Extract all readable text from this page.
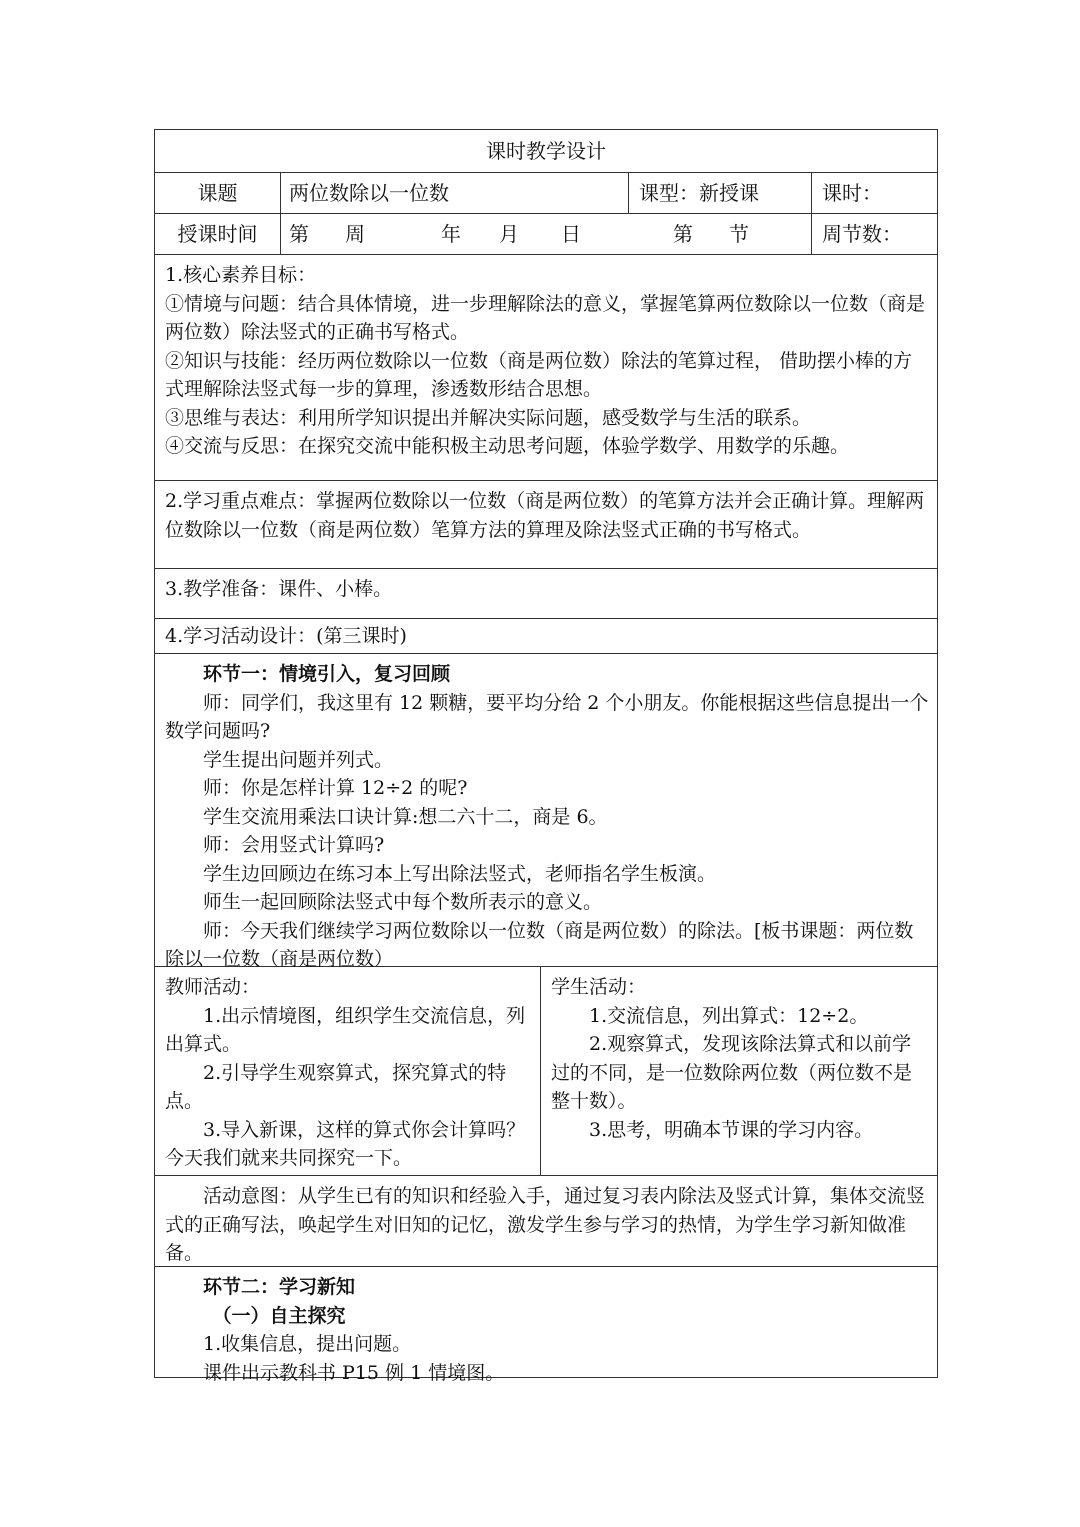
课时教学设计
课题	两位数除以一位数	课型：新授课	课时：
授课时间	第	周	年	月	日	第	节	周节数：

1.核心素养目标：

①情境与问题：结合具体情境，进一步理解除法的意义，掌握笔算两位数除以一位数（商是两位数）除法竖式的正确书写格式。

②知识与技能：经历两位数除以一位数（商是两位数）除法的笔算过程， 借助摆小棒的方式理解除法竖式每一步的算理，渗透数形结合思想。

③思维与表达：利用所学知识提出并解决实际问题，感受数学与生活的联系。

④交流与反思：在探究交流中能积极主动思考问题，体验学数学、用数学的乐趣。

2.学习重点难点：掌握两位数除以一位数（商是两位数）的笔算方法并会正确计算。理解两位数除以一位数（商是两位数）笔算方法的算理及除法竖式正确的书写格式。

3.教学准备：课件、小棒。

4.学习活动设计：(第三课时)

环节一：情境引入，复习回顾

师：同学们，我这里有 12 颗糖，要平均分给 2 个小朋友。你能根据这些信息提出一个数学问题吗?

学生提出问题并列式。

师：你是怎样计算 12÷2 的呢?

学生交流用乘法口诀计算:想二六十二，商是 6。

师：会用竖式计算吗?

学生边回顾边在练习本上写出除法竖式，老师指名学生板演。

师生一起回顾除法竖式中每个数所表示的意义。

师：今天我们继续学习两位数除以一位数（商是两位数）的除法。[板书课题：两位数除以一位数（商是两位数）

教师活动：

1.出示情境图，组织学生交流信息，列出算式。

2.引导学生观察算式，探究算式的特点。

3.导入新课，这样的算式你会计算吗？今天我们就来共同探究一下。

学生活动：

1.交流信息，列出算式：12÷2。

2.观察算式，发现该除法算式和以前学过的不同，是一位数除两位数（两位数不是整十数）。

3.思考，明确本节课的学习内容。

活动意图：从学生已有的知识和经验入手，通过复习表内除法及竖式计算，集体交流竖式的正确写法，唤起学生对旧知的记忆，激发学生参与学习的热情，为学生学习新知做准备。

环节二：学习新知

（一）自主探究

1.收集信息，提出问题。

课件出示教科书 P15 例 1 情境图。
